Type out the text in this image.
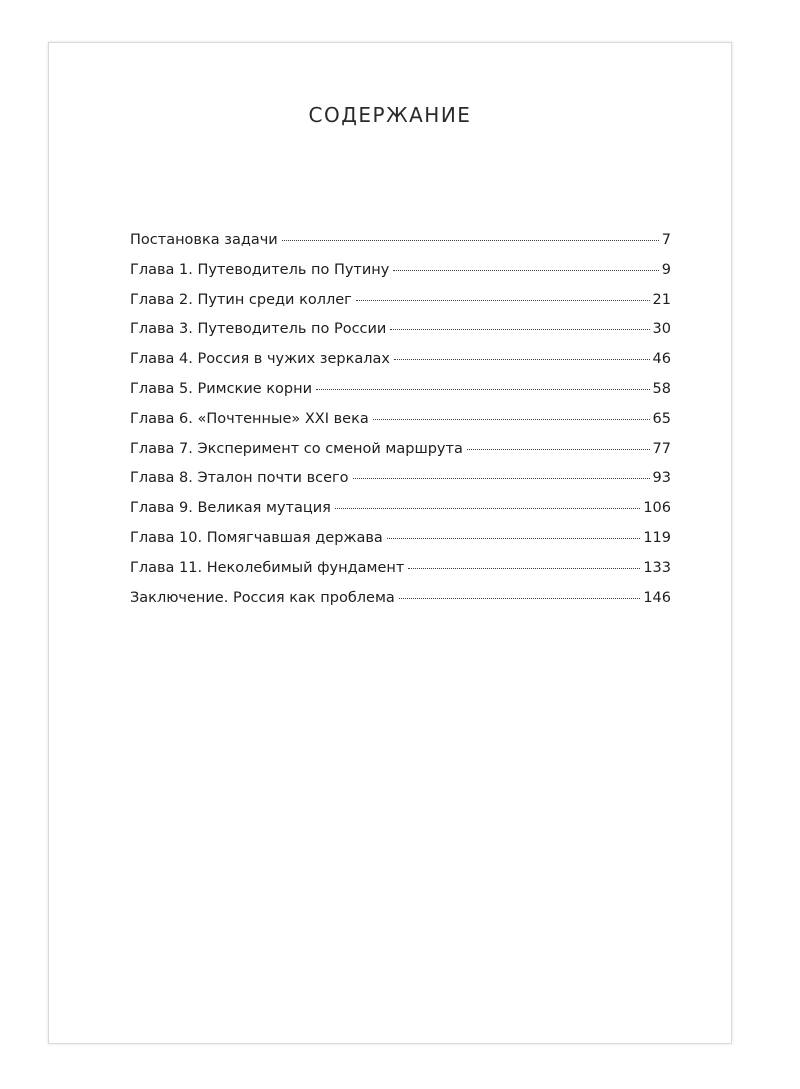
СОДЕРЖАНИЕ
Постановка задачи	7
Глава 1. Путеводитель по Путину	9
Глава 2. Путин среди коллег	21
Глава 3. Путеводитель по России	30
Глава 4. Россия в чужих зеркалах	46
Глава 5. Римские корни	58
Глава 6. «Почтенные» XXI века	65
Глава 7. Эксперимент со сменой маршрута	77
Глава 8. Эталон почти всего	93
Глава 9. Великая мутация	106
Глава 10. Помягчавшая держава	119
Глава 11. Неколебимый фундамент	133
Заключение. Россия как проблема	146
